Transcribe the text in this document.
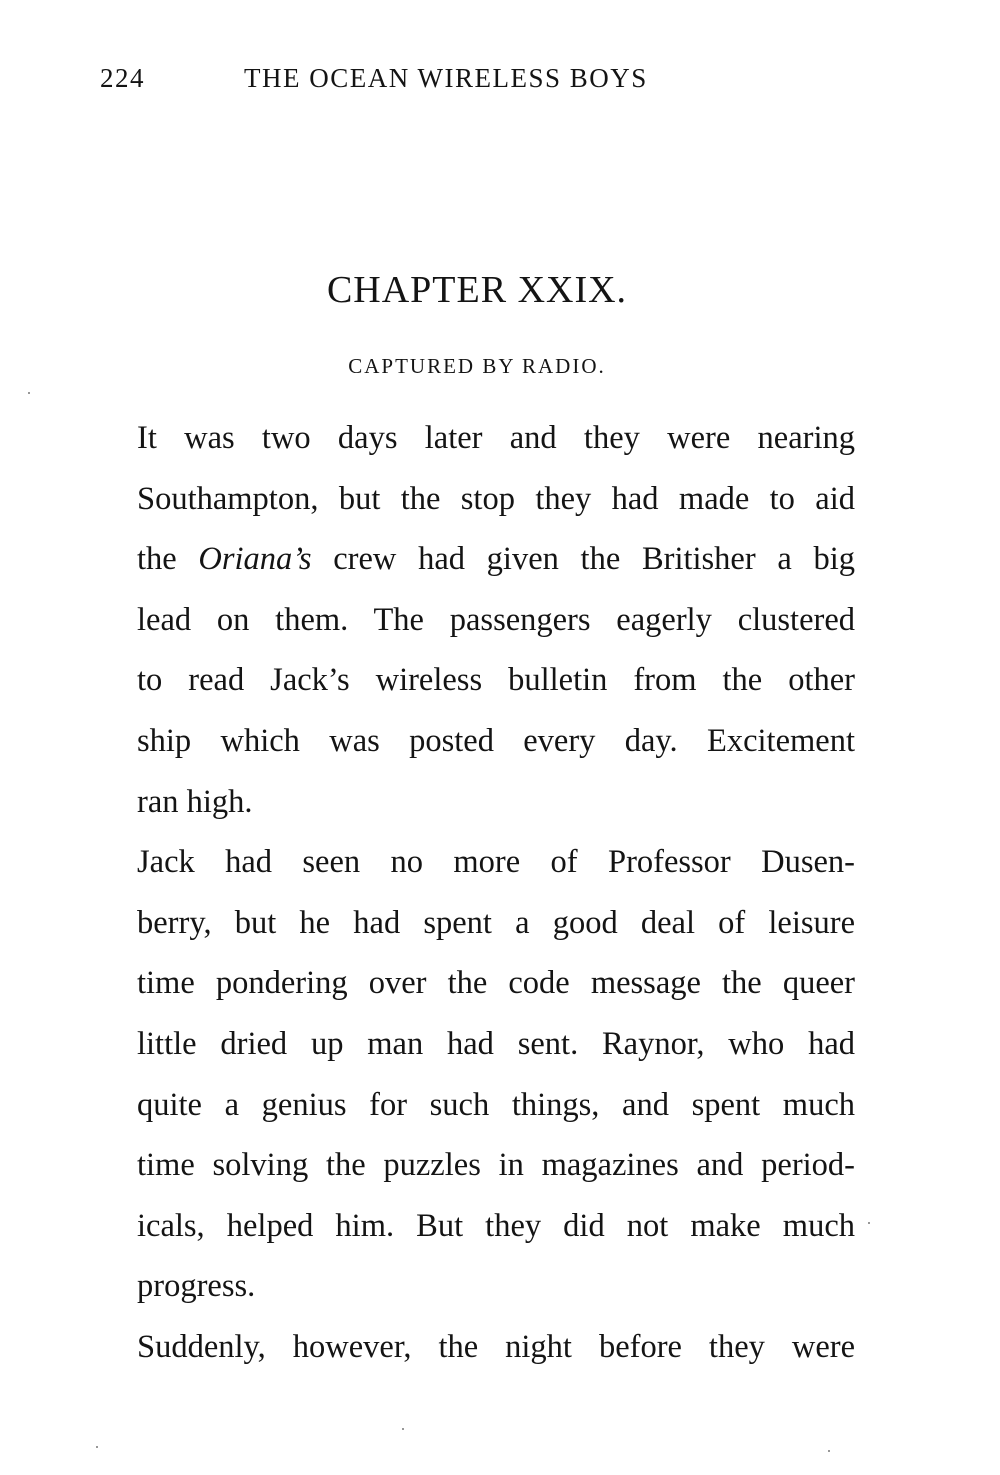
224	THE OCEAN WIRELESS BOYS
CHAPTER XXIX.
CAPTURED BY RADIO.

It was two days later and they were nearing
Southampton, but the stop they had made to aid
the Oriana’s crew had given the Britisher a big
lead on them. The passengers eagerly clustered
to read Jack’s wireless bulletin from the other
ship which was posted every day. Excitement
ran high.

Jack had seen no more of Professor Dusen-
berry, but he had spent a good deal of leisure
time pondering over the code message the queer
little dried up man had sent. Raynor, who had
quite a genius for such things, and spent much
time solving the puzzles in magazines and period-
icals, helped him. But they did not make much
progress.

Suddenly, however, the night before they were
